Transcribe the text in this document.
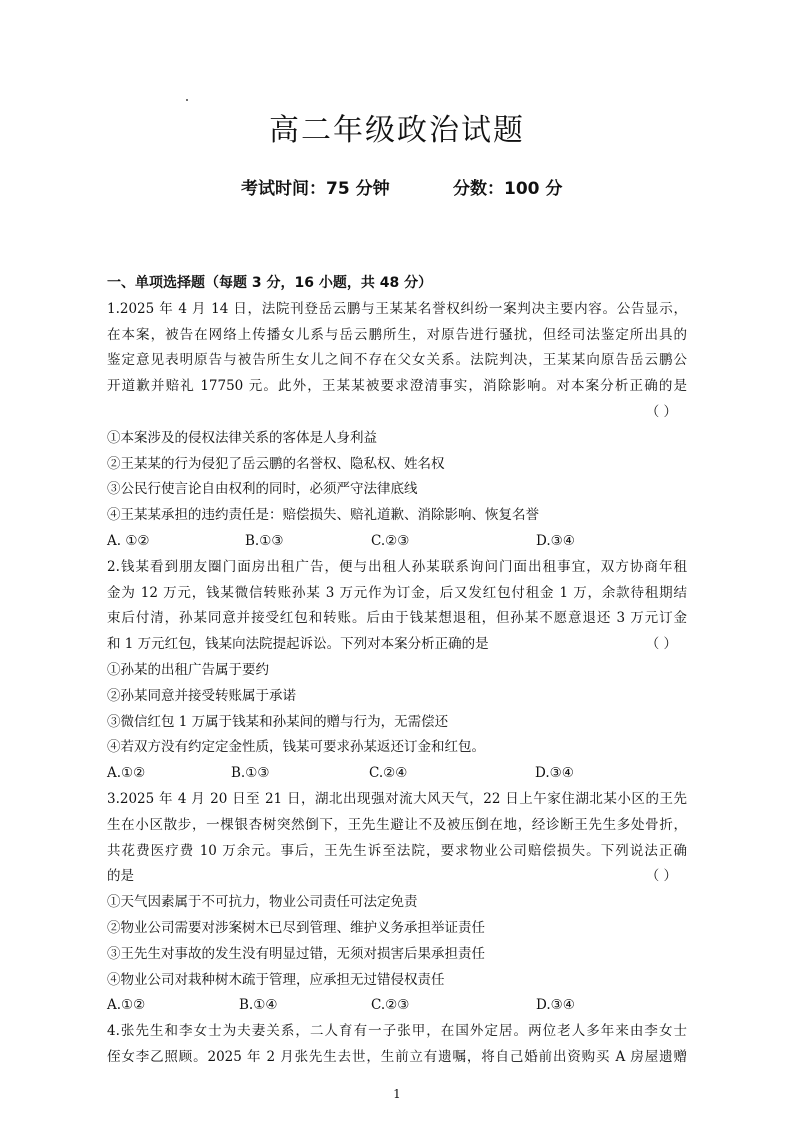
高二年级政治试题
考试时间：75 分钟	分数：100 分
一、单项选择题（每题 3 分，16 小题，共 48 分）
1.2025 年 4 月 14 日，法院刊登岳云鹏与王某某名誉权纠纷一案判决主要内容。公告显示，
在本案，被告在网络上传播女儿系与岳云鹏所生，对原告进行骚扰，但经司法鉴定所出具的
鉴定意见表明原告与被告所生女儿之间不存在父女关系。法院判决，王某某向原告岳云鹏公
开道歉并赔礼 17750 元。此外，王某某被要求澄清事实，消除影响。对本案分析正确的是
（ ）
①本案涉及的侵权法律关系的客体是人身利益
②王某某的行为侵犯了岳云鹏的名誉权、隐私权、姓名权
③公民行使言论自由权利的同时，必须严守法律底线
④王某某承担的违约责任是：赔偿损失、赔礼道歉、消除影响、恢复名誉
A. ①②	B.①③	C.②③	D.③④
2.钱某看到朋友圈门面房出租广告，便与出租人孙某联系询问门面出租事宜，双方协商年租
金为 12 万元，钱某微信转账孙某 3 万元作为订金，后又发红包付租金 1 万，余款待租期结
束后付清，孙某同意并接受红包和转账。后由于钱某想退租，但孙某不愿意退还 3 万元订金
和 1 万元红包，钱某向法院提起诉讼。下列对本案分析正确的是	（ ）
①孙某的出租广告属于要约
②孙某同意并接受转账属于承诺
③微信红包 1 万属于钱某和孙某间的赠与行为，无需偿还
④若双方没有约定定金性质，钱某可要求孙某返还订金和红包。
A.①②	B.①③	C.②④	D.③④
3.2025 年 4 月 20 日至 21 日，湖北出现强对流大风天气，22 日上午家住湖北某小区的王先
生在小区散步，一棵银杏树突然倒下，王先生避让不及被压倒在地，经诊断王先生多处骨折，
共花费医疗费 10 万余元。事后，王先生诉至法院，要求物业公司赔偿损失。下列说法正确
的是	（ ）
①天气因素属于不可抗力，物业公司责任可法定免责
②物业公司需要对涉案树木已尽到管理、维护义务承担举证责任
③王先生对事故的发生没有明显过错，无须对损害后果承担责任
④物业公司对栽种树木疏于管理，应承担无过错侵权责任
A.①②	B.①④	C.②③	D.③④
4.张先生和李女士为夫妻关系，二人育有一子张甲，在国外定居。两位老人多年来由李女士
侄女李乙照顾。2025 年 2 月张先生去世，生前立有遗嘱，将自己婚前出资购买 A 房屋遗赠
1
